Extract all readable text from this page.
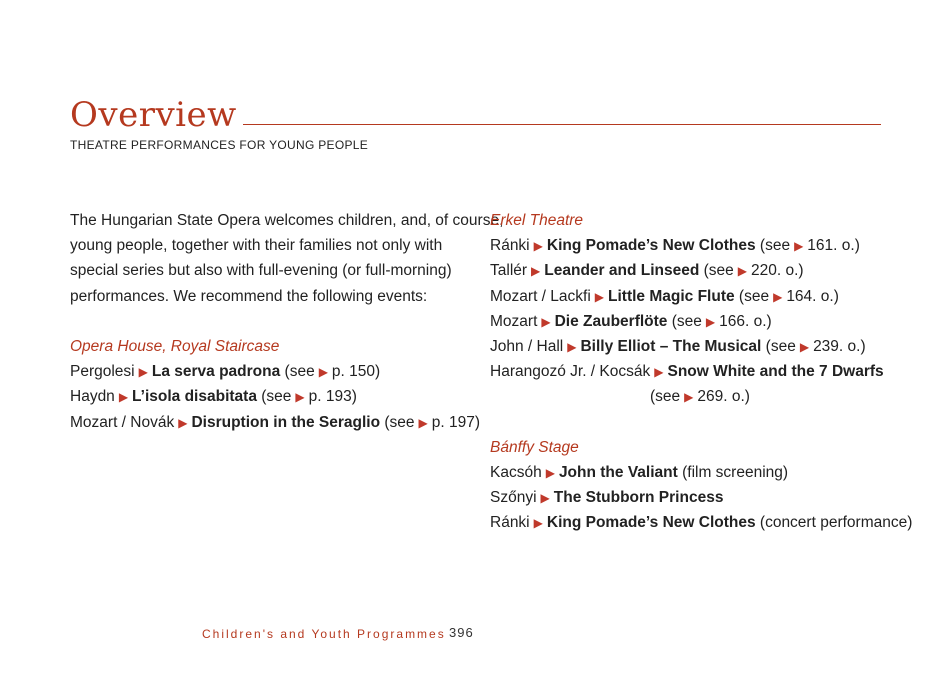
Overview
THEATRE PERFORMANCES FOR YOUNG PEOPLE
The Hungarian State Opera welcomes children, and, of course,
young people, together with their families not only with
special series but also with full-evening (or full-morning)
performances. We recommend the following events:
Opera House, Royal Staircase
Pergolesi ▶ La serva padrona (see ▶ p. 150)
Haydn ▶ L’isola disabitata (see ▶ p. 193)
Mozart / Novák ▶ Disruption in the Seraglio (see ▶ p. 197)
Erkel Theatre
Ránki ▶ King Pomade’s New Clothes (see ▶ 161. o.)
Tallér ▶ Leander and Linseed (see ▶ 220. o.)
Mozart / Lackfi ▶ Little Magic Flute (see ▶ 164. o.)
Mozart ▶ Die Zauberflöte (see ▶ 166. o.)
John / Hall ▶ Billy Elliot – The Musical (see ▶ 239. o.)
Harangozó Jr. / Kocsák ▶ Snow White and the 7 Dwarfs
(see ▶ 269. o.)
Bánffy Stage
Kacsóh ▶ John the Valiant (film screening)
Szőnyi ▶ The Stubborn Princess
Ránki ▶ King Pomade’s New Clothes (concert performance)
Children's and Youth Programmes 396
